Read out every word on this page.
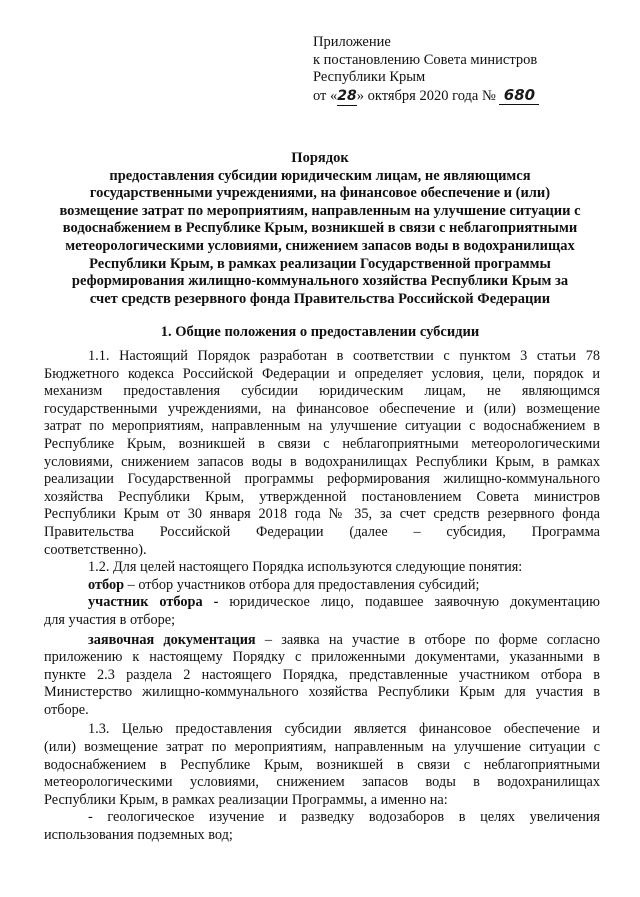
Приложение
к постановлению Совета министров
Республики Крым
от «28» октября 2020 года № 680
Порядок
предоставления субсидии юридическим лицам, не являющимся
государственными учреждениями, на финансовое обеспечение и (или)
возмещение затрат по мероприятиям, направленным на улучшение ситуации с
водоснабжением в Республике Крым, возникшей в связи с неблагоприятными
метеорологическими условиями, снижением запасов воды в водохранилищах
Республики Крым, в рамках реализации Государственной программы
реформирования жилищно-коммунального хозяйства Республики Крым за
счет средств резервного фонда Правительства Российской Федерации
1. Общие положения о предоставлении субсидии
1.1. Настоящий Порядок разработан в соответствии с пунктом 3 статьи 78
Бюджетного кодекса Российской Федерации и определяет условия, цели, порядок и
механизм предоставления субсидии юридическим лицам, не являющимся
государственными учреждениями, на финансовое обеспечение и (или) возмещение
затрат по мероприятиям, направленным на улучшение ситуации с водоснабжением в
Республике Крым, возникшей в связи с неблагоприятными метеорологическими
условиями, снижением запасов воды в водохранилищах Республики Крым, в рамках
реализации Государственной программы реформирования жилищно-коммунального
хозяйства Республики Крым, утвержденной постановлением Совета министров
Республики Крым от 30 января 2018 года № 35, за счет средств резервного фонда
Правительства Российской Федерации (далее – субсидия, Программа
соответственно).
1.2. Для целей настоящего Порядка используются следующие понятия:
отбор – отбор участников отбора для предоставления субсидий;
участник отбора - юридическое лицо, подавшее заявочную документацию
для участия в отборе;
заявочная документация – заявка на участие в отборе по форме согласно
приложению к настоящему Порядку с приложенными документами, указанными в
пункте 2.3 раздела 2 настоящего Порядка, представленные участником отбора в
Министерство жилищно-коммунального хозяйства Республики Крым для участия в
отборе.
1.3. Целью предоставления субсидии является финансовое обеспечение и
(или) возмещение затрат по мероприятиям, направленным на улучшение ситуации с
водоснабжением в Республике Крым, возникшей в связи с неблагоприятными
метеорологическими условиями, снижением запасов воды в водохранилищах
Республики Крым, в рамках реализации Программы, а именно на:
- геологическое изучение и разведку водозаборов в целях увеличения
использования подземных вод;
